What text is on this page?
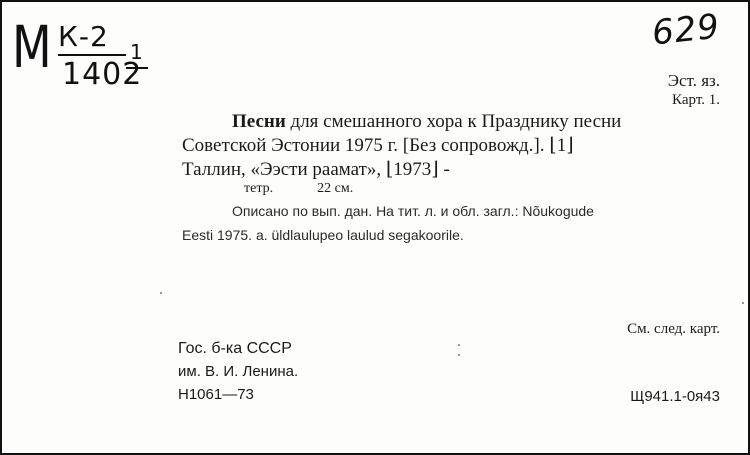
М К-2
1402
1	629
Эст. яз.
Карт. 1.
Песни для смешанного хора к Празднику песни
Советской Эстонии 1975 г. [Без сопровожд.]. ⌊1⌋
Таллин, «Ээсти раамат», ⌊1973⌋ -
тетр.	22 см.
Описано по вып. дан. На тит. л. и обл. загл.: Nõukogude
Eesti 1975. a. üldlaulupeo laulud segakoorile.
См. след. карт.
Гос. б-ка СССР
им. В. И. Ленина.
Н1061—73	Щ941.1-0я43
